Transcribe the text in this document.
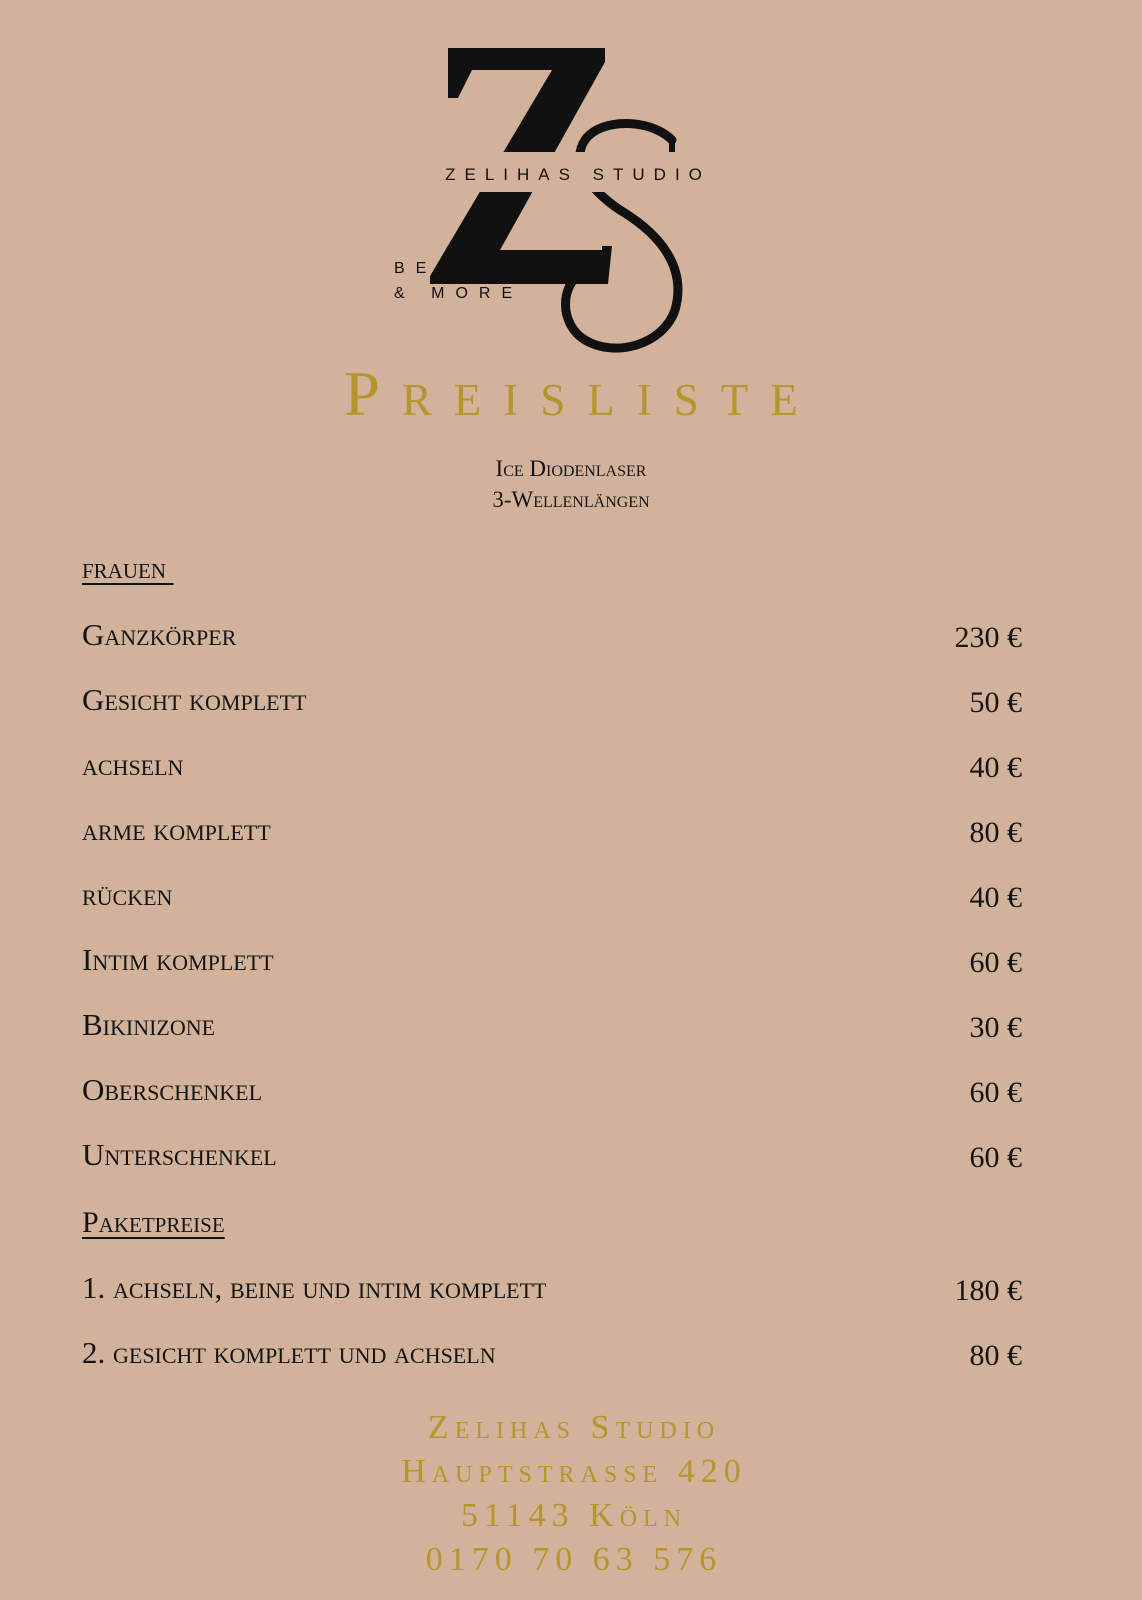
ZELIHAS STUDIO
BEAUTY
& MORE
Preisliste
Ice Diodenlaser
3-Wellenlängen
frauen
Ganzkörper	230 €
Gesicht komplett	50 €
achseln	40 €
arme komplett	80 €
rücken	40 €
Intim komplett	60 €
Bikinizone	30 €
Oberschenkel	60 €
Unterschenkel	60 €
Paketpreise
1. achseln, beine und intim komplett	180 €
2. gesicht komplett und achseln	80 €
Zelihas Studio
Hauptstrasse 420
51143 Köln
0170 70 63 576
